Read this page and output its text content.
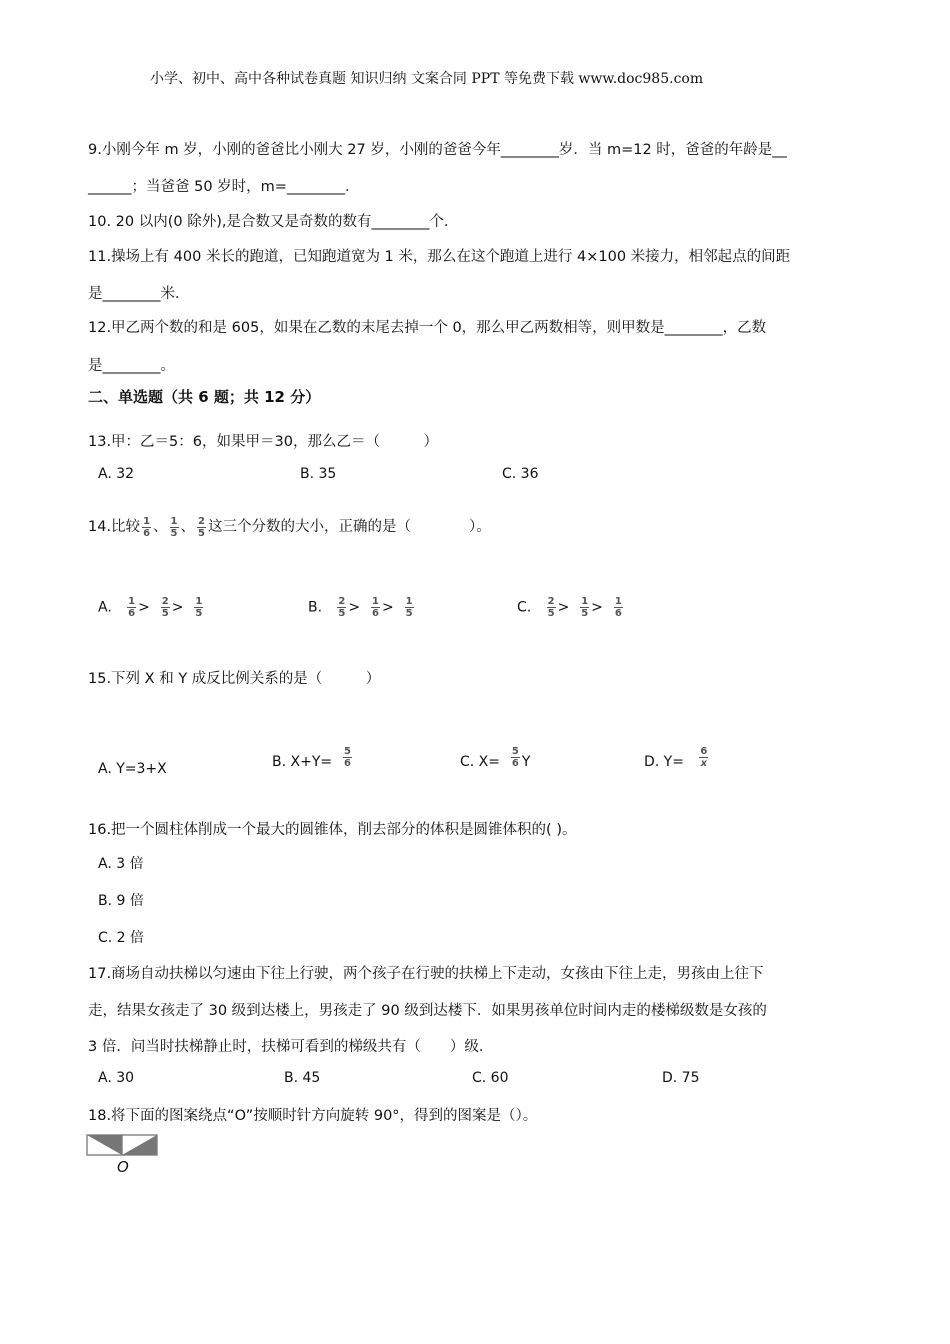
小学、初中、高中各种试卷真题 知识归纳 文案合同 PPT 等免费下载 www.doc985.com
9.小刚今年 m 岁，小刚的爸爸比小刚大 27 岁，小刚的爸爸今年________岁．当 m=12 时，爸爸的年龄是__
______；当爸爸 50 岁时，m=________．
10. 20 以内(0 除外),是合数又是奇数的数有________个．
11.操场上有 400 米长的跑道，已知跑道宽为 1 米，那么在这个跑道上进行 4×100 米接力，相邻起点的间距
是________米．
12.甲乙两个数的和是 605，如果在乙数的末尾去掉一个 0，那么甲乙两数相等，则甲数是________，乙数
是________。
二、单选题（共 6 题；共 12 分）
13.甲：乙＝5：6，如果甲＝30，那么乙＝（　　　）
A. 32	B. 35	C. 36
14.比较 $\frac{1}{6}$ 、 $\frac{1}{5}$ 、 $\frac{2}{5}$ 这三个分数的大小，正确的是（　　　　）。
A. $\frac{1}{6} > \frac{2}{5} > \frac{1}{5}$	B. $\frac{2}{5} > \frac{1}{6} > \frac{1}{5}$	C. $\frac{2}{5} > \frac{1}{5} > \frac{1}{6}$
15.下列 X 和 Y 成反比例关系的是（　　　）
A. Y=3+X	B. $X+Y= \frac{5}{6}$	C. $X= \frac{5}{6}$ Y	D. $Y= \frac{6}{x}$
16.把一个圆柱体削成一个最大的圆锥体，削去部分的体积是圆锥体积的( )。
A. 3 倍
B. 9 倍
C. 2 倍
17.商场自动扶梯以匀速由下往上行驶，两个孩子在行驶的扶梯上下走动，女孩由下往上走，男孩由上往下
走，结果女孩走了 30 级到达楼上，男孩走了 90 级到达楼下．如果男孩单位时间内走的楼梯级数是女孩的
3 倍．问当时扶梯静止时，扶梯可看到的梯级共有（　　）级．
A. 30	B. 45	C. 60	D. 75
18.将下面的图案绕点“O”按顺时针方向旋转 90°，得到的图案是（）。
O
